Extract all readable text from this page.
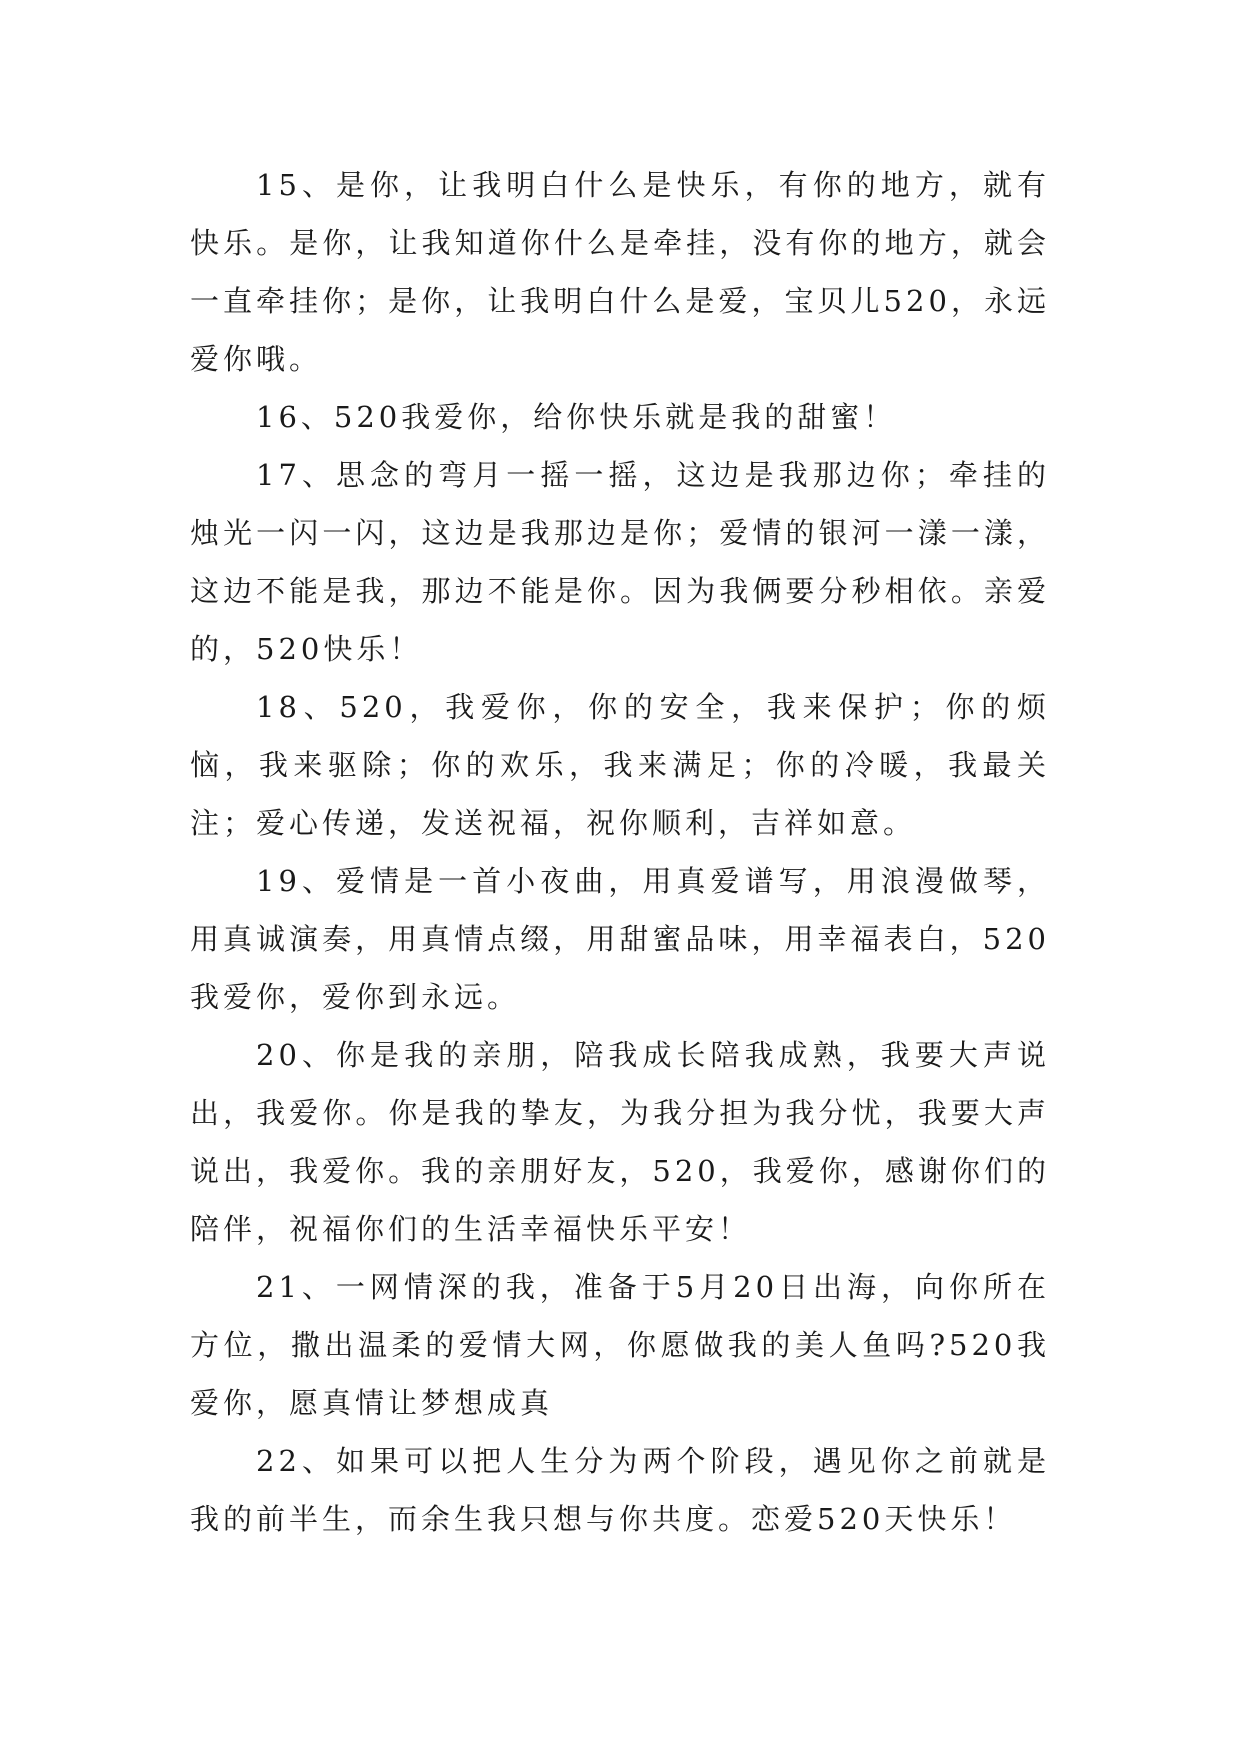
15、是你，让我明白什么是快乐，有你的地方，就有快乐。是你，让我知道你什么是牵挂，没有你的地方，就会一直牵挂你；是你，让我明白什么是爱，宝贝儿520，永远爱你哦。

16、520我爱你，给你快乐就是我的甜蜜！

17、思念的弯月一摇一摇，这边是我那边你；牵挂的烛光一闪一闪，这边是我那边是你；爱情的银河一漾一漾，这边不能是我，那边不能是你。因为我俩要分秒相依。亲爱的，520快乐！

18、520，我爱你，你的安全，我来保护；你的烦恼，我来驱除；你的欢乐，我来满足；你的冷暖，我最关注；爱心传递，发送祝福，祝你顺利，吉祥如意。

19、爱情是一首小夜曲，用真爱谱写，用浪漫做琴，用真诚演奏，用真情点缀，用甜蜜品味，用幸福表白，520我爱你，爱你到永远。

20、你是我的亲朋，陪我成长陪我成熟，我要大声说出，我爱你。你是我的挚友，为我分担为我分忧，我要大声说出，我爱你。我的亲朋好友，520，我爱你，感谢你们的陪伴，祝福你们的生活幸福快乐平安！

21、一网情深的我，准备于5月20日出海，向你所在方位，撒出温柔的爱情大网，你愿做我的美人鱼吗?520我爱你，愿真情让梦想成真

22、如果可以把人生分为两个阶段，遇见你之前就是我的前半生，而余生我只想与你共度。恋爱520天快乐！
